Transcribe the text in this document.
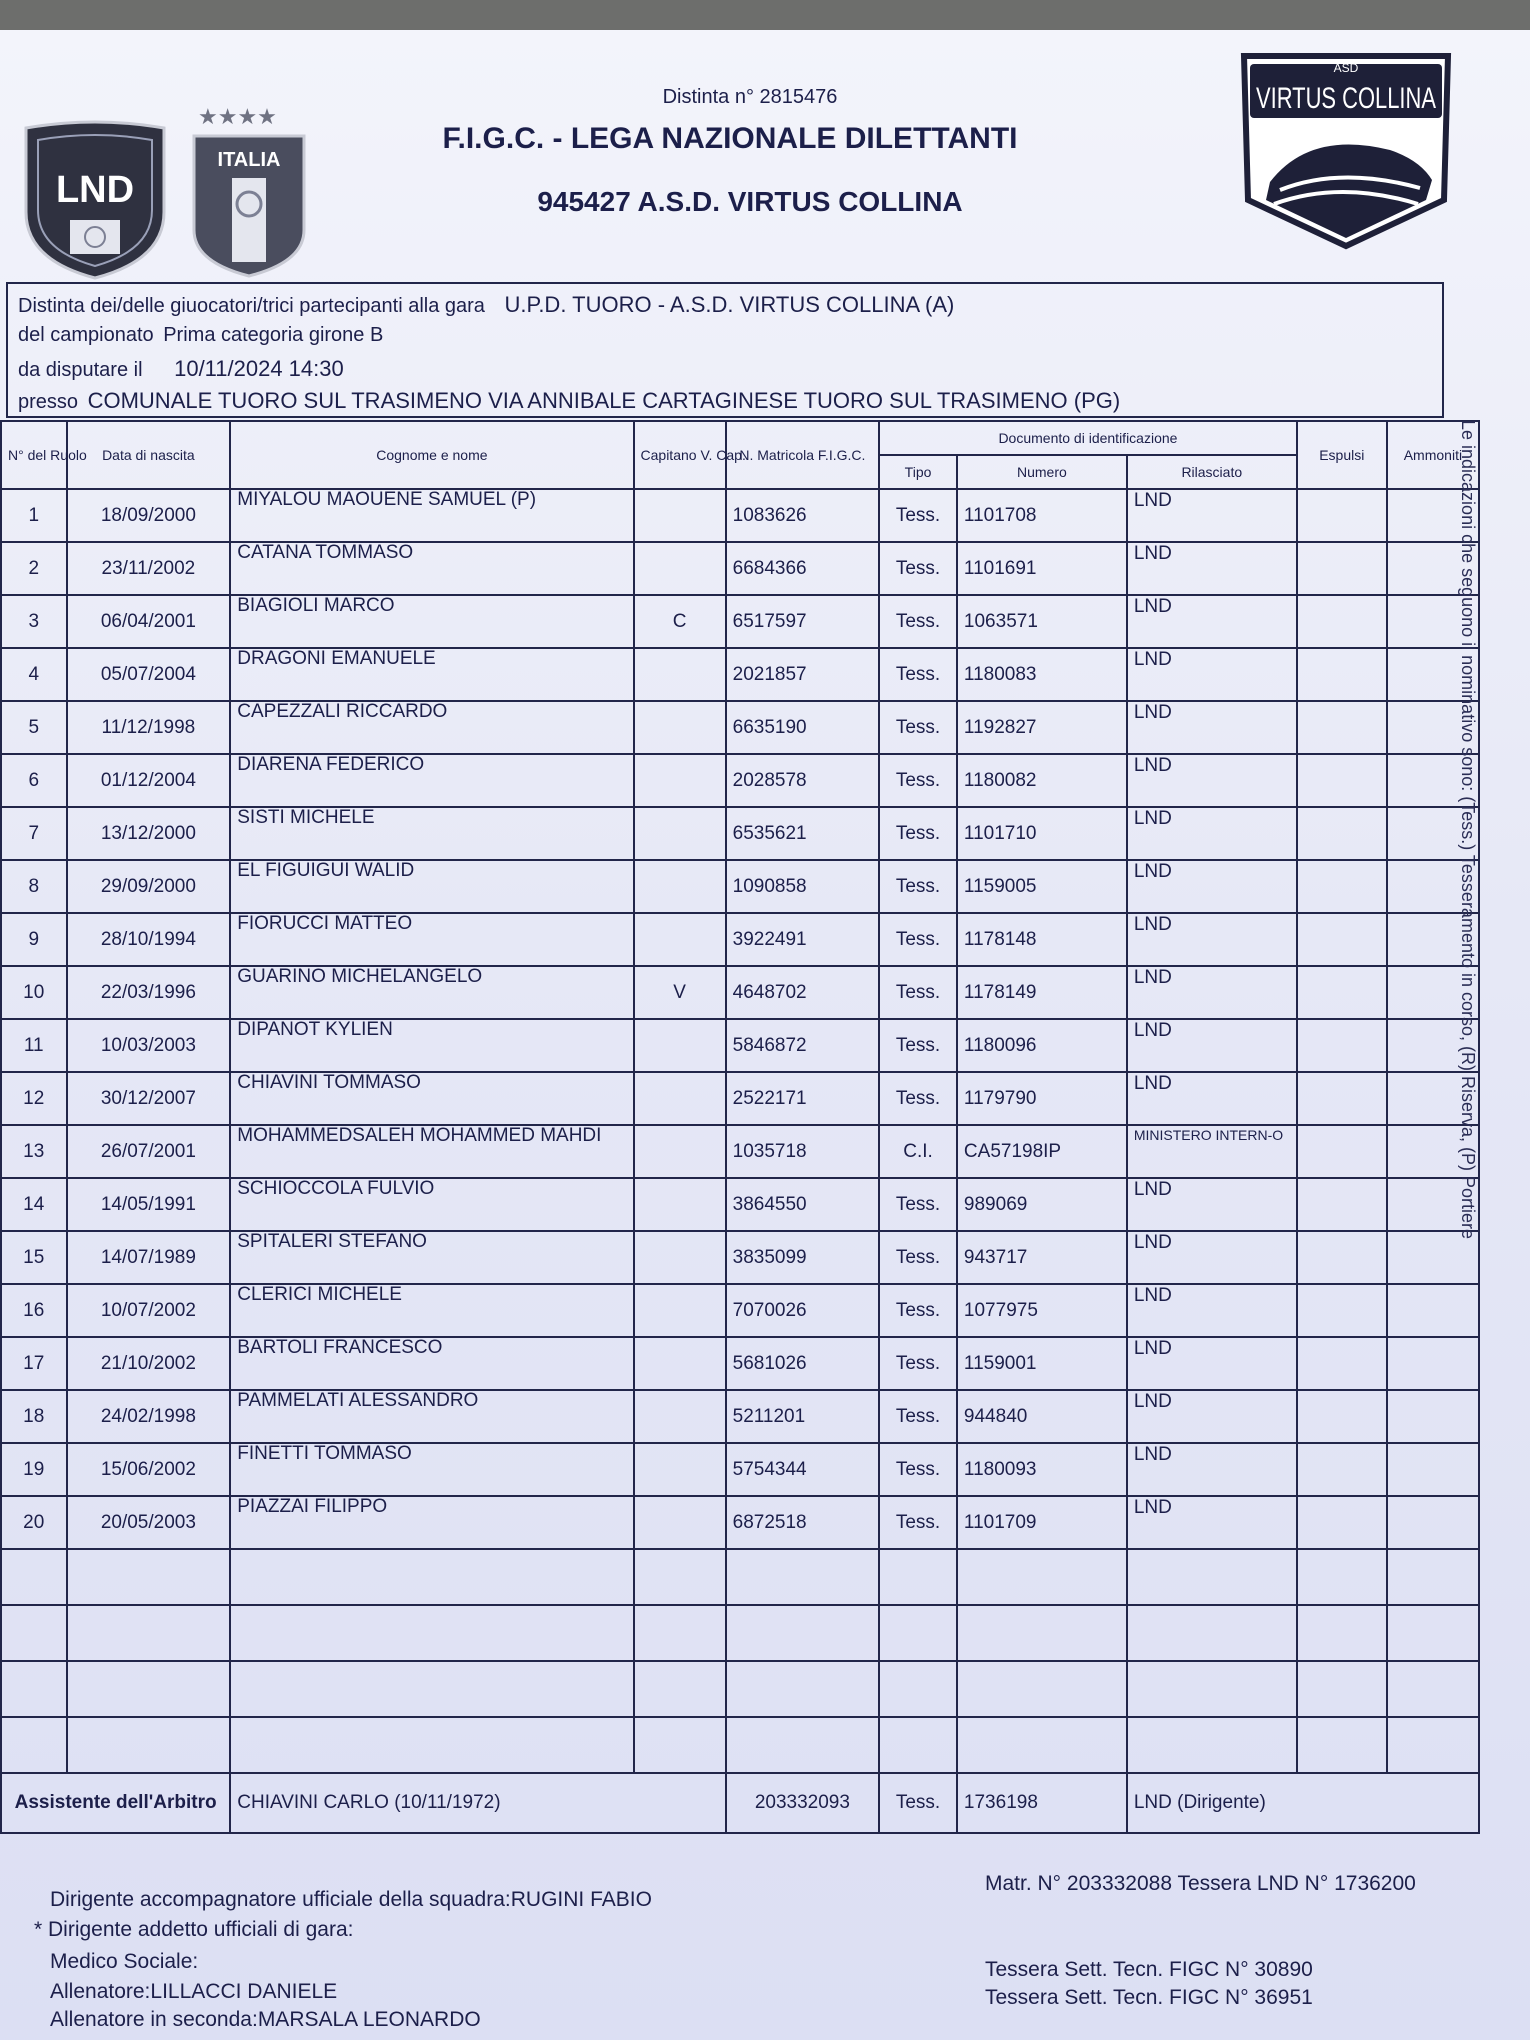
LND
★★★★
ITALIA
ASD
VIRTUS COLLINA
Distinta n° 2815476
F.I.G.C. - LEGA NAZIONALE DILETTANTI
945427 A.S.D. VIRTUS COLLINA
Distinta dei/delle giuocatori/trici partecipanti alla gara U.P.D. TUORO - A.S.D. VIRTUS COLLINA (A)
del campionato Prima categoria girone B
da disputare il 10/11/2024 14:30
presso COMUNALE TUORO SUL TRASIMENO VIA ANNIBALE CARTAGINESE TUORO SUL TRASIMENO (PG)
N° del Ruolo	Data di nascita	Cognome e nome	Capitano V. Cap.	N. Matricola F.I.G.C.	Documento di identificazione			Espulsi	Ammoniti
					Tipo	Numero	Rilasciato		
1	18/09/2000	MIYALOU MAOUENE SAMUEL (P)		1083626	Tess.	1101708	LND		
2	23/11/2002	CATANA TOMMASO		6684366	Tess.	1101691	LND		
3	06/04/2001	BIAGIOLI MARCO	C	6517597	Tess.	1063571	LND		
4	05/07/2004	DRAGONI EMANUELE		2021857	Tess.	1180083	LND		
5	11/12/1998	CAPEZZALI RICCARDO		6635190	Tess.	1192827	LND		
6	01/12/2004	DIARENA FEDERICO		2028578	Tess.	1180082	LND		
7	13/12/2000	SISTI MICHELE		6535621	Tess.	1101710	LND		
8	29/09/2000	EL FIGUIGUI WALID		1090858	Tess.	1159005	LND		
9	28/10/1994	FIORUCCI MATTEO		3922491	Tess.	1178148	LND		
10	22/03/1996	GUARINO MICHELANGELO	V	4648702	Tess.	1178149	LND		
11	10/03/2003	DIPANOT KYLIEN		5846872	Tess.	1180096	LND		
12	30/12/2007	CHIAVINI TOMMASO		2522171	Tess.	1179790	LND		
13	26/07/2001	MOHAMMEDSALEH MOHAMMED MAHDI		1035718	C.I.	CA57198IP	MINISTERO INTERN-O		
14	14/05/1991	SCHIOCCOLA FULVIO		3864550	Tess.	989069	LND		
15	14/07/1989	SPITALERI STEFANO		3835099	Tess.	943717	LND		
16	10/07/2002	CLERICI MICHELE		7070026	Tess.	1077975	LND		
17	21/10/2002	BARTOLI FRANCESCO		5681026	Tess.	1159001	LND		
18	24/02/1998	PAMMELATI ALESSANDRO		5211201	Tess.	944840	LND		
19	15/06/2002	FINETTI TOMMASO		5754344	Tess.	1180093	LND		
20	20/05/2003	PIAZZAI FILIPPO		6872518	Tess.	1101709	LND		

Assistente dell'Arbitro		CHIAVINI CARLO (10/11/1972)		203332093	Tess.	1736198	LND (Dirigente)		
Dirigente accompagnatore ufficiale della squadra:RUGINI FABIO
Matr. N° 203332088 Tessera LND N° 1736200
* Dirigente addetto ufficiali di gara:
Medico Sociale:
Allenatore:LILLACCI DANIELE
Tessera Sett. Tecn. FIGC N° 30890
Allenatore in seconda:MARSALA LEONARDO
Tessera Sett. Tecn. FIGC N° 36951
Le indicazioni che seguono il nominativo sono: (Tess.) Tesseramento in corso, (R) Riserva, (P) Portiere
